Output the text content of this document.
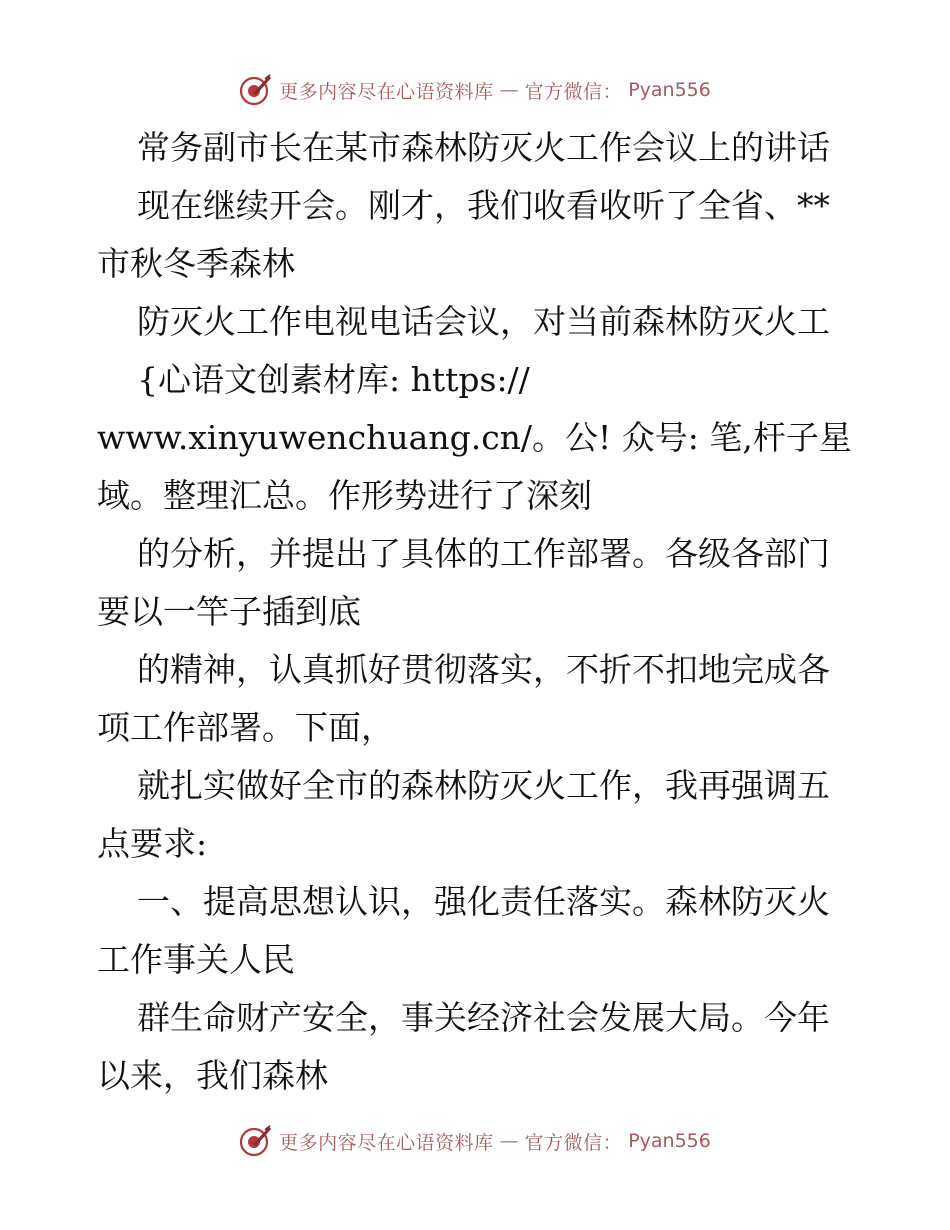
更多内容尽在心语资料库 — 官方微信： Pyan556
常务副市长在某市森林防灭火工作会议上的讲话
现在继续开会。刚才，我们收看收听了全省、**
市秋冬季森林
防灭火工作电视电话会议，对当前森林防灭火工
{心语文创素材库: https://
www.xinyuwenchuang.cn/。公! 众号: 笔,杆子星
域。整理汇总。作形势进行了深刻
的分析，并提出了具体的工作部署。各级各部门
要以一竿子插到底
的精神，认真抓好贯彻落实，不折不扣地完成各
项工作部署。下面，
就扎实做好全市的森林防灭火工作，我再强调五
点要求:
一、提高思想认识，强化责任落实。森林防灭火
工作事关人民
群生命财产安全，事关经济社会发展大局。今年
以来，我们森林
更多内容尽在心语资料库 — 官方微信： Pyan556
